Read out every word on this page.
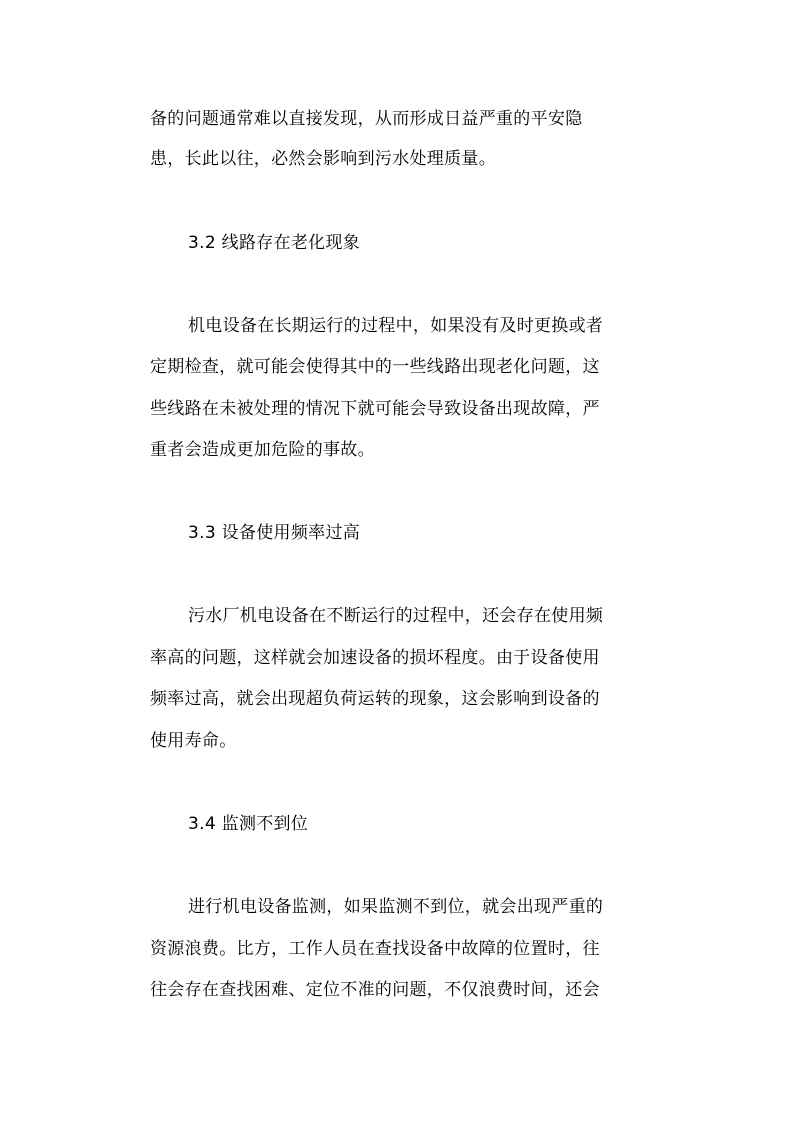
备的问题通常难以直接发现，从而形成日益严重的平安隐
患，长此以往，必然会影响到污水处理质量。
3.2 线路存在老化现象
机电设备在长期运行的过程中，如果没有及时更换或者
定期检查，就可能会使得其中的一些线路出现老化问题，这
些线路在未被处理的情况下就可能会导致设备出现故障，严
重者会造成更加危险的事故。
3.3 设备使用频率过高
污水厂机电设备在不断运行的过程中，还会存在使用频
率高的问题，这样就会加速设备的损坏程度。由于设备使用
频率过高，就会出现超负荷运转的现象，这会影响到设备的
使用寿命。
3.4 监测不到位
进行机电设备监测，如果监测不到位，就会出现严重的
资源浪费。比方，工作人员在查找设备中故障的位置时，往
往会存在查找困难、定位不准的问题，不仅浪费时间，还会
